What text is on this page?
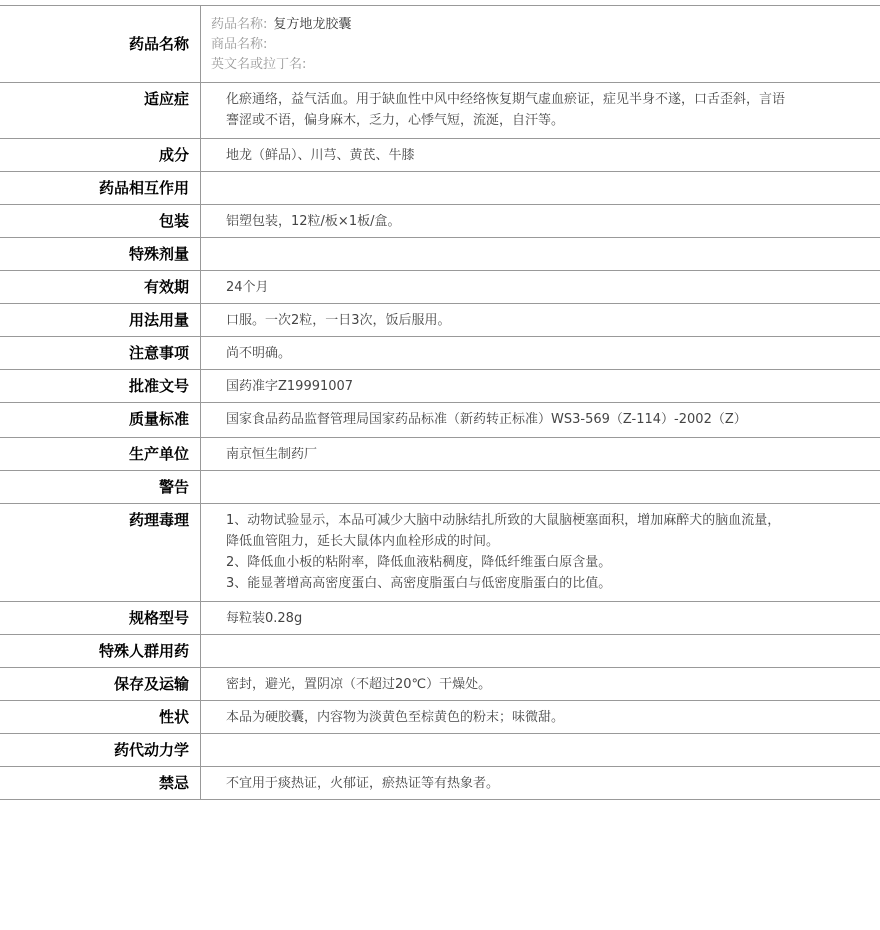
药品名称
药品名称: 复方地龙胶囊
商品名称:
英文名或拉丁名:
适应症	化瘀通络，益气活血。用于缺血性中风中经络恢复期气虚血瘀证，症见半身不遂，口舌歪斜，言语謇涩或不语，偏身麻木，乏力，心悸气短，流涎，自汗等。
成分	地龙（鲜品）、川芎、黄芪、牛膝
药品相互作用
包装	铝塑包装，12粒/板×1板/盒。
特殊剂量
有效期	24个月
用法用量	口服。一次2粒，一日3次，饭后服用。
注意事项	尚不明确。
批准文号	国药准字Z19991007
质量标准	国家食品药品监督管理局国家药品标准（新药转正标准）WS3-569（Z-114）-2002（Z）
生产单位	南京恒生制药厂
警告
药理毒理	1、动物试验显示，本品可减少大脑中动脉结扎所致的大鼠脑梗塞面积，增加麻醉犬的脑血流量，降低血管阻力，延长大鼠体内血栓形成的时间。

2、降低血小板的粘附率，降低血液粘稠度，降低纤维蛋白原含量。

3、能显著增高高密度蛋白、高密度脂蛋白与低密度脂蛋白的比值。

规格型号	每粒装0.28g
特殊人群用药
保存及运输	密封，避光，置阴凉（不超过20℃）干燥处。
性状	本品为硬胶囊，内容物为淡黄色至棕黄色的粉末；味微甜。
药代动力学
禁忌	不宜用于痰热证，火郁证，瘀热证等有热象者。
